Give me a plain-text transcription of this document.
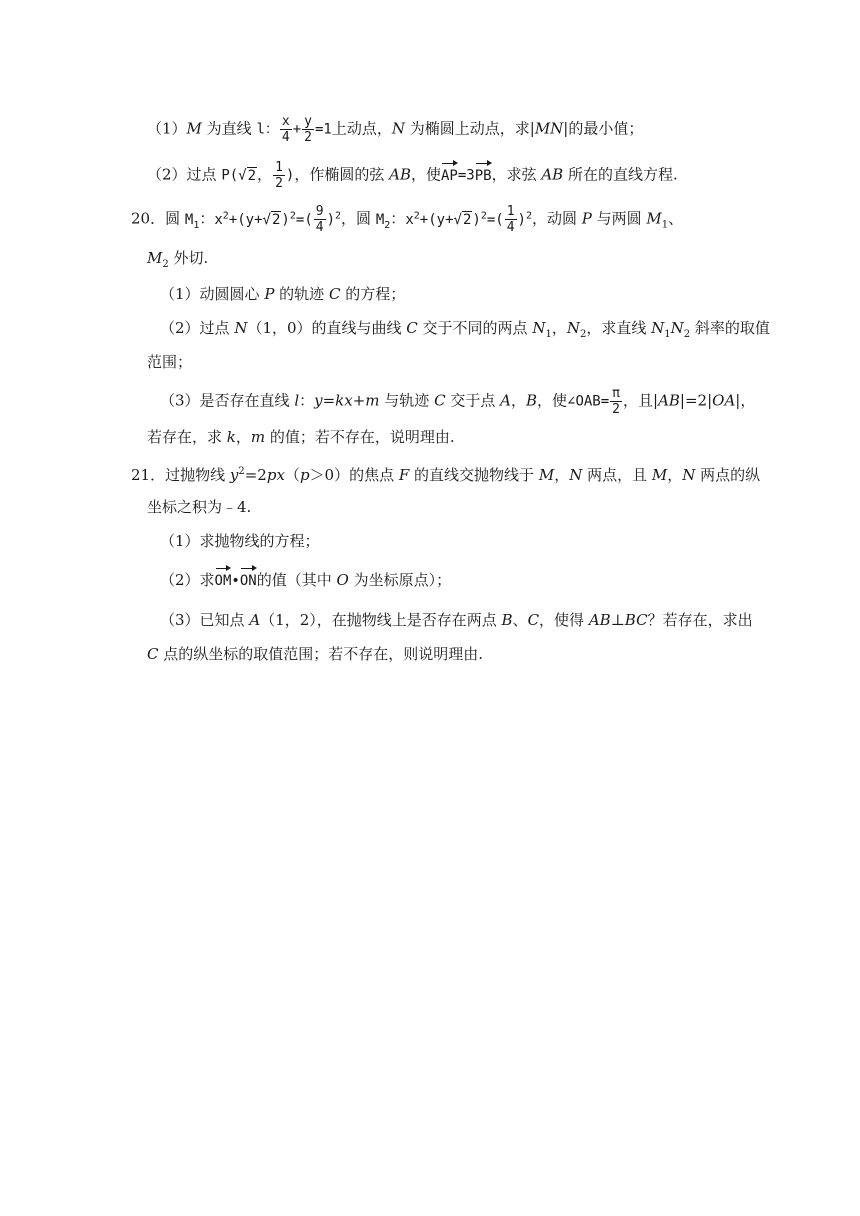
（1）M 为直线 l： $\frac{x}{4} + \frac{y}{2} =1$上动点，N 为椭圆上动点，求|MN|的最小值；
（2）过点 P(√2， $\frac{1}{2}$ )，作椭圆的弦 AB，使AP=3PB，求弦 AB 所在的直线方程.
20．圆 $M_1$：$x^2+(y+√2)^2=( \frac{9}{4} )^2$，圆 $M_2$：$x^2+(y+√2)^2=( \frac{1}{4} )^2$，动圆 P 与两圆 $M_1$、
$M_2$ 外切.
（1）动圆圆心 P 的轨迹 C 的方程；
（2）过点 N（1，0）的直线与曲线 C 交于不同的两点 $N_1$，$N_2$，求直线 $N_1N_2$ 斜率的取值
范围；
（3）是否存在直线 l：y=kx+m 与轨迹 C 交于点 A，B，使∠OAB= $\frac{\pi}{2}$ ，且|AB|=2|OA|，
若存在，求 k，m 的值；若不存在，说明理由.
21．过抛物线 $y^2=2px(p>0)$的焦点 F 的直线交抛物线于 M，N 两点，且 M，N 两点的纵
坐标之积为﹣4.
（1）求抛物线的方程；
（2）求OM•ON的值（其中 O 为坐标原点）；
（3）已知点 A（1，2），在抛物线上是否存在两点 B、C，使得 AB⊥BC？若存在，求出
C 点的纵坐标的取值范围；若不存在，则说明理由.
